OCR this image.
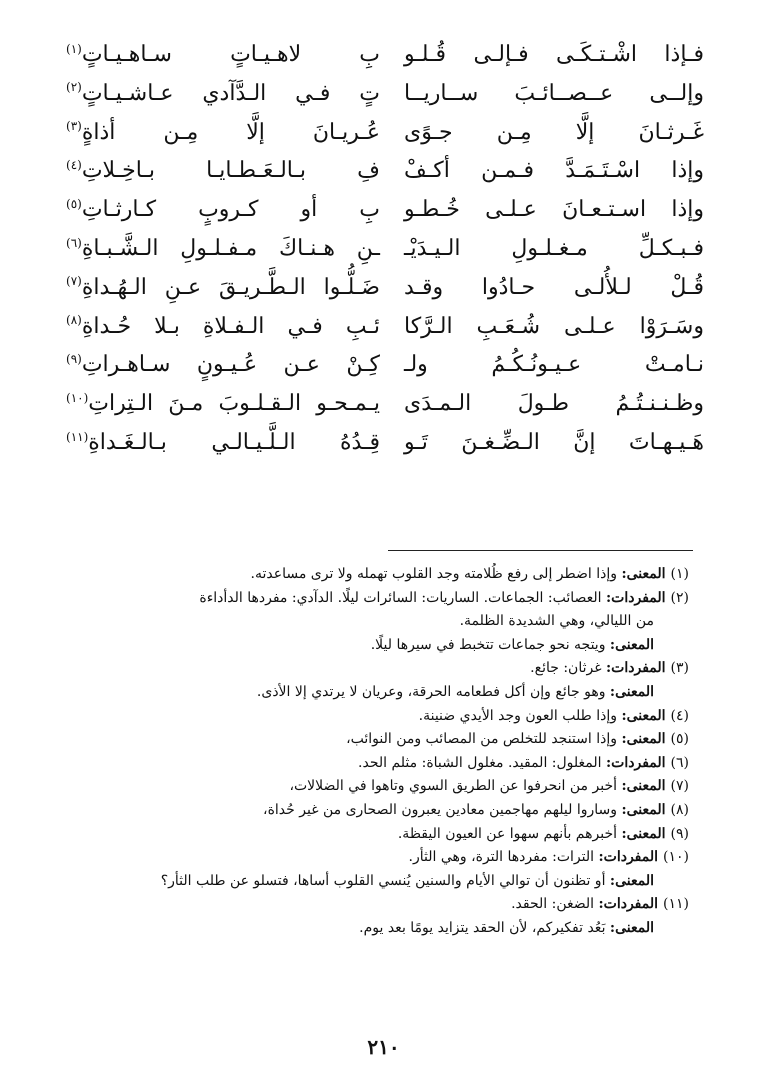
فـإذا اشْـتـكَـى فـإلـى قُـلـو
بِ لاهـيـاتٍ سـاهـيـاتٍ$^{(١)}$
وإلــى عــصــائـبَ ســاريــا
تٍ فـي الـدَّآدي عـاشـيـاتٍ$^{(٢)}$
غَـرثـانَ إلَّا مِـن جـوًى
عُـريـانَ إلَّا مِـن أذاةٍ$^{(٣)}$
وإذا اسْـتَـمَـدَّ فـمـن أكـفْ
فِ بـالـعَـطـايـا بـاخِـلاتِ$^{(٤)}$
وإذا اسـتـعـانَ عـلـى خُـطـو
بِ أو كـروبٍ كـارثـاتِ$^{(٥)}$
فـبـكـلِّ مـغـلـولِ الـيـدَيْـ
ـنِ هـنـاكَ مـفـلـولِ الـشَّـبـاةِ$^{(٦)}$
قُـلْ لـلأُلـى حـادُوا وقـد
ضَـلُّـوا الـطَّـريـقَ عـنِ الـهُـداةِ$^{(٧)}$
وسَـرَوْا عـلـى شُـعَـبِ الـرَّكا
ئـبِ فـي الـفـلاةِ بـلا حُـداةِ$^{(٨)}$
نـامـتْ عـيـونُـكُـمُ ولـ
كِـنْ عـن عُـيـونٍ سـاهـراتِ$^{(٩)}$
وظـنـنـتُـمُ طـولَ الـمـدَى
يـمـحـو الـقـلـوبَ مـنَ الـتِراتِ$^{(١٠)}$
هَـيـهـاتَ إنَّ الـضِّـغـنَ تَـو
قِـدُهُ الـلَّـيـالـي بـالـغَـداةِ$^{(١١)}$
(١)المعنى: وإذا اضطر إلى رفع ظُلامته وجد القلوب تهمله ولا ترى مساعدته.
(٢)المفردات: العصائب: الجماعات. الساريات: السائرات ليلًا. الدآدي: مفردها الدأداءة
من الليالي، وهي الشديدة الظلمة.
المعنى: ويتجه نحو جماعات تتخبط في سيرها ليلًا.
(٣)المفردات: غرثان: جائع.
المعنى: وهو جائع وإن أكل فطعامه الحرقة، وعريان لا يرتدي إلا الأذى.
(٤)المعنى: وإذا طلب العون وجد الأيدي ضنينة.
(٥)المعنى: وإذا استنجد للتخلص من المصائب ومن النوائب،
(٦)المفردات: المغلول: المقيد. مغلول الشباة: مثلم الحد.
(٧)المعنى: أخبر من انحرفوا عن الطريق السوي وتاهوا في الضلالات،
(٨)المعنى: وساروا ليلهم مهاجمين معادين يعبرون الصحارى من غير حُداة،
(٩)المعنى: أخبرهم بأنهم سهوا عن العيون اليقظة.
(١٠)المفردات: الترات: مفردها الترة، وهي الثأر.
المعنى: أو تظنون أن توالي الأيام والسنين يُنسي القلوب أساها، فتسلو عن طلب الثأر؟
(١١)المفردات: الضغن: الحقد.
المعنى: بَعُد تفكيركم، لأن الحقد يتزايد يومًا بعد يوم.
٢١٠
